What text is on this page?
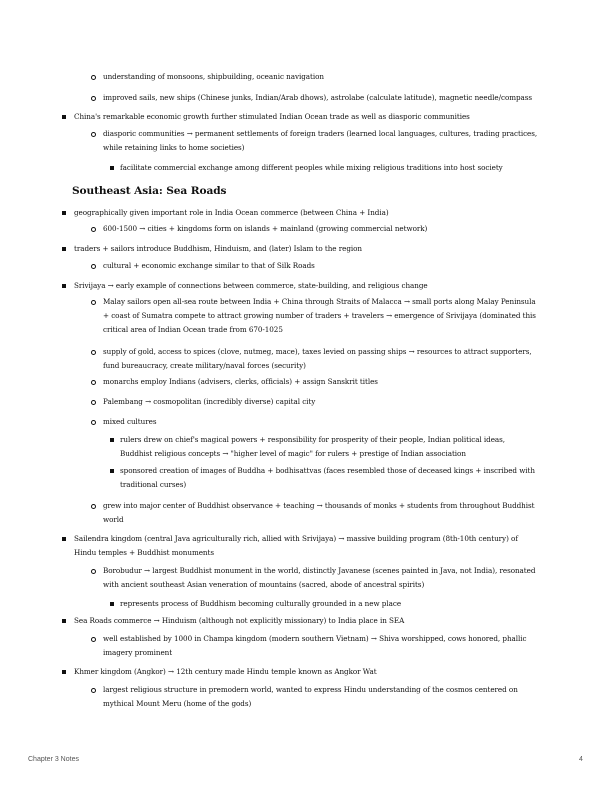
understanding of monsoons, shipbuilding, oceanic navigation
improved sails, new ships (Chinese junks, Indian/Arab dhows), astrolabe (calculate latitude), magnetic needle/compass
China's remarkable economic growth further stimulated Indian Ocean trade as well as diasporic communities
diasporic communities → permanent settlements of foreign traders (learned local languages, cultures, trading practices,
while retaining links to home societies)
facilitate commercial exchange among different peoples while mixing religious traditions into host society
Southeast Asia: Sea Roads
geographically given important role in India Ocean commerce (between China + India)
600-1500 → cities + kingdoms form on islands + mainland (growing commercial network)
traders + sailors introduce Buddhism, Hinduism, and (later) Islam to the region
cultural + economic exchange similar to that of Silk Roads
Srivijaya → early example of connections between commerce, state-building, and religious change
Malay sailors open all-sea route between India + China through Straits of Malacca → small ports along Malay Peninsula
+ coast of Sumatra compete to attract growing number of traders + travelers → emergence of Srivijaya (dominated this
critical area of Indian Ocean trade from 670-1025
supply of gold, access to spices (clove, nutmeg, mace), taxes levied on passing ships → resources to attract supporters,
fund bureaucracy, create military/naval forces (security)
monarchs employ Indians (advisers, clerks, officials) + assign Sanskrit titles
Palembang → cosmopolitan (incredibly diverse) capital city
mixed cultures
rulers drew on chief's magical powers + responsibility for prosperity of their people, Indian political ideas,
Buddhist religious concepts → "higher level of magic" for rulers + prestige of Indian association
sponsored creation of images of Buddha + bodhisattvas (faces resembled those of deceased kings + inscribed with
traditional curses)
grew into major center of Buddhist observance + teaching → thousands of monks + students from throughout Buddhist
world
Sailendra kingdom (central Java agriculturally rich, allied with Srivijaya) → massive building program (8th-10th century) of
Hindu temples + Buddhist monuments
Borobudur → largest Buddhist monument in the world, distinctly Javanese (scenes painted in Java, not India), resonated
with ancient southeast Asian veneration of mountains (sacred, abode of ancestral spirits)
represents process of Buddhism becoming culturally grounded in a new place
Sea Roads commerce → Hinduism (although not explicitly missionary) to India place in SEA
well established by 1000 in Champa kingdom (modern southern Vietnam) → Shiva worshipped, cows honored, phallic
imagery prominent
Khmer kingdom (Angkor) → 12th century made Hindu temple known as Angkor Wat
largest religious structure in premodern world, wanted to express Hindu understanding of the cosmos centered on
mythical Mount Meru (home of the gods)
Chapter 3 Notes	4
